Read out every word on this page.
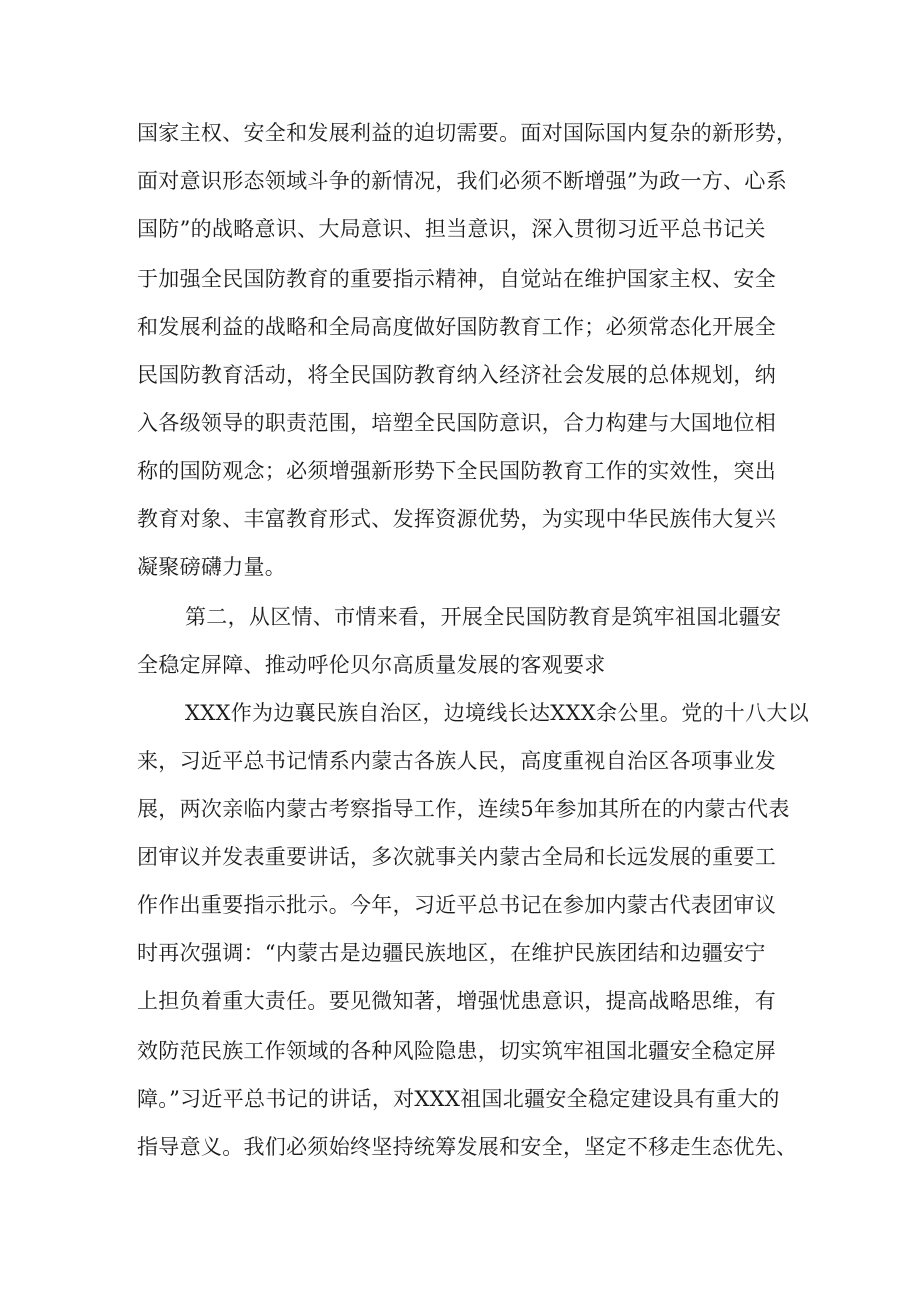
国家主权、安全和发展利益的迫切需要。面对国际国内复杂的新形势，
面对意识形态领域斗争的新情况，我们必须不断增强”为政一方、心系
国防”的战略意识、大局意识、担当意识，深入贯彻习近平总书记关
于加强全民国防教育的重要指示精神，自觉站在维护国家主权、安全
和发展利益的战略和全局高度做好国防教育工作；必须常态化开展全
民国防教育活动，将全民国防教育纳入经济社会发展的总体规划，纳
入各级领导的职责范围，培塑全民国防意识，合力构建与大国地位相
称的国防观念；必须增强新形势下全民国防教育工作的实效性，突出
教育对象、丰富教育形式、发挥资源优势，为实现中华民族伟大复兴
凝聚磅礴力量。
第二，从区情、市情来看，开展全民国防教育是筑牢祖国北疆安
全稳定屏障、推动呼伦贝尔高质量发展的客观要求
XXX作为边襄民族自治区，边境线长达XXX余公里。党的十八大以
来，习近平总书记情系内蒙古各族人民，高度重视自治区各项事业发
展，两次亲临内蒙古考察指导工作，连续5年参加其所在的内蒙古代表
团审议并发表重要讲话，多次就事关内蒙古全局和长远发展的重要工
作作出重要指示批示。今年，习近平总书记在参加内蒙古代表团审议
时再次强调：“内蒙古是边疆民族地区，在维护民族团结和边疆安宁
上担负着重大责任。要见微知著，增强忧患意识，提高战略思维，有
效防范民族工作领域的各种风险隐患，切实筑牢祖国北疆安全稳定屏
障。”习近平总书记的讲话，对XXX祖国北疆安全稳定建设具有重大的
指导意义。我们必须始终坚持统筹发展和安全，坚定不移走生态优先、
